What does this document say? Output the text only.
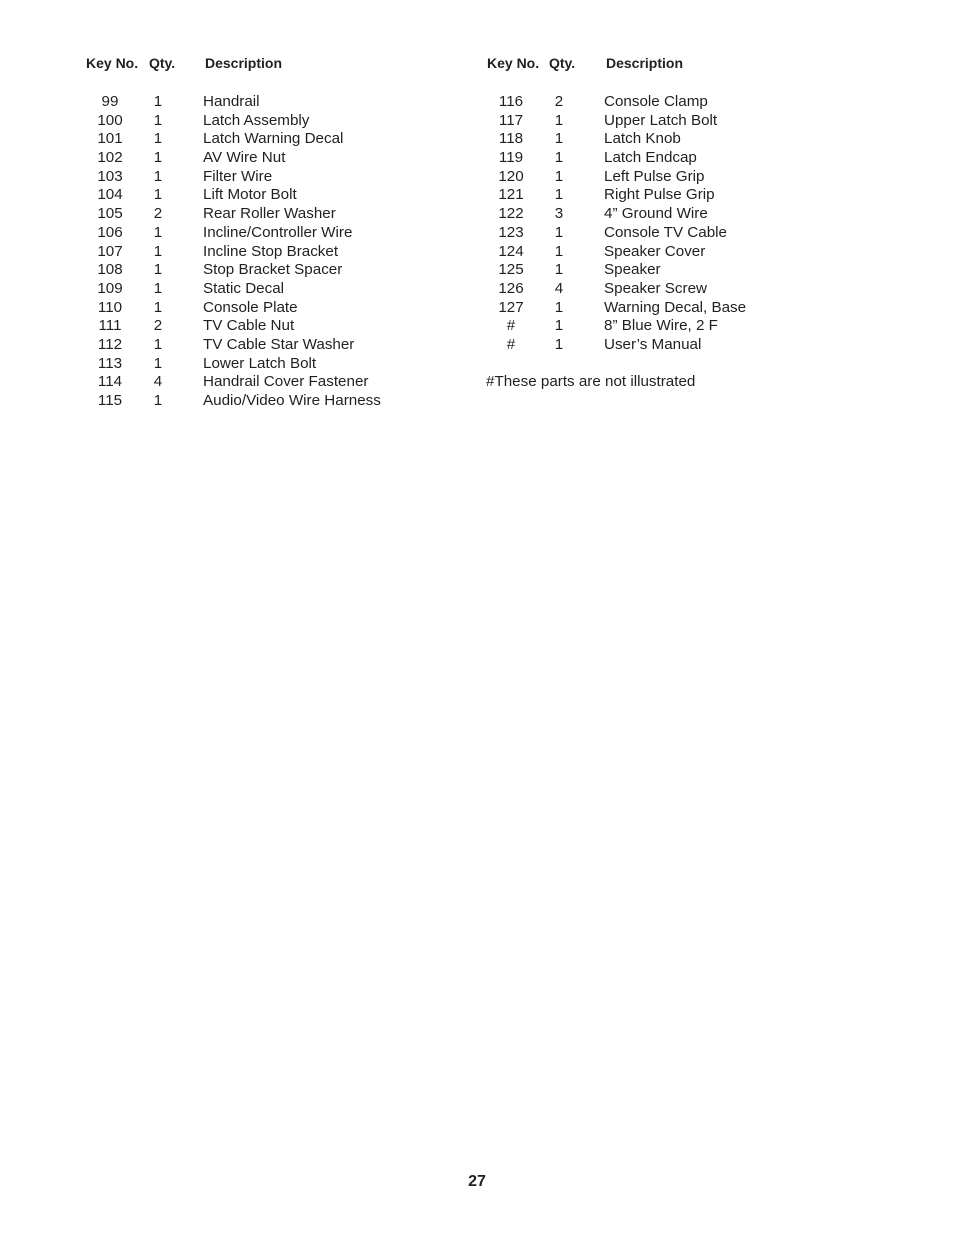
Key No. Qty. Description	Key No. Qty. Description
99	1	Handrail
100	1	Latch Assembly
101	1	Latch Warning Decal
102	1	AV Wire Nut
103	1	Filter Wire
104	1	Lift Motor Bolt
105	2	Rear Roller Washer
106	1	Incline/Controller Wire
107	1	Incline Stop Bracket
108	1	Stop Bracket Spacer
109	1	Static Decal
110	1	Console Plate
111	2	TV Cable Nut
112	1	TV Cable Star Washer
113	1	Lower Latch Bolt
114	4	Handrail Cover Fastener
115	1	Audio/Video Wire Harness
116	2	Console Clamp
117	1	Upper Latch Bolt
118	1	Latch Knob
119	1	Latch Endcap
120	1	Left Pulse Grip
121	1	Right Pulse Grip
122	3	4” Ground Wire
123	1	Console TV Cable
124	1	Speaker Cover
125	1	Speaker
126	4	Speaker Screw
127	1	Warning Decal, Base
#	1	8” Blue Wire, 2 F
#	1	User’s Manual
#These parts are not illustrated
27
